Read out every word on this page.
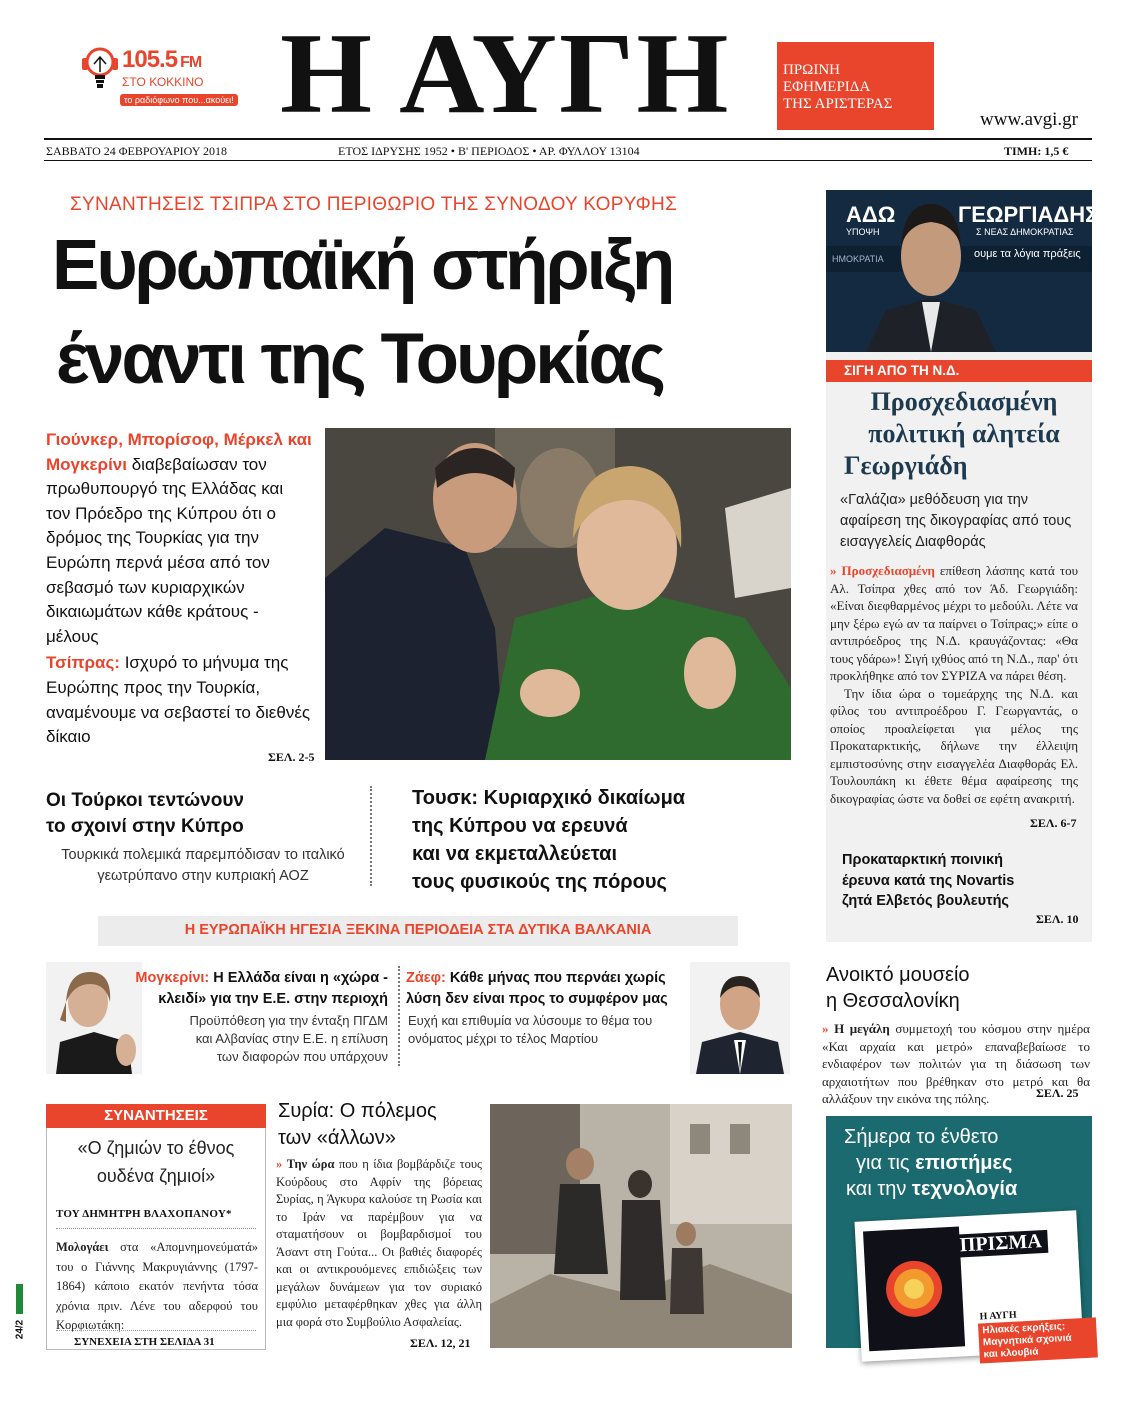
105.5 FM
ΣΤΟ ΚΟΚΚΙΝΟ
το ραδιόφωνο που...ακούει! Η ΑΥΓΗ	ΠΡΩΙΝΗ
ΕΦΗΜΕΡΙΔΑ
ΤΗΣ ΑΡΙΣΤΕΡΑΣ
www.avgi.gr
ΣΑΒΒΑΤΟ 24 ΦΕΒΡΟΥΑΡΙΟΥ 2018	ΕΤΟΣ ΙΔΡΥΣΗΣ 1952 • Β' ΠΕΡΙΟΔΟΣ • ΑΡ. ΦΥΛΛΟΥ 13104	ΤΙΜΗ: 1,5 €
ΣΥΝΑΝΤΗΣΕΙΣ ΤΣΙΠΡΑ ΣΤΟ ΠΕΡΙΘΩΡΙΟ ΤΗΣ ΣΥΝΟΔΟΥ ΚΟΡΥΦΗΣ
Ευρωπαϊκή στήριξη
έναντι της Τουρκίας
Γιούνκερ, Μπορίσοφ, Μέρκελ και Μογκερίνι διαβεβαίωσαν τον πρωθυπουργό της Ελλάδας και τον Πρόεδρο της Κύπρου ότι ο δρόμος της Τουρκίας για την Ευρώπη περνά μέσα από τον σεβασμό των κυριαρχικών δικαιωμάτων κάθε κράτους - μέλους
Τσίπρας: Ισχυρό το μήνυμα της Ευρώπης προς την Τουρκία, αναμένουμε να σεβαστεί το διεθνές δίκαιο
ΣΕΛ. 2-5
Οι Τούρκοι τεντώνουν
το σχοινί στην Κύπρο
Τουρκικά πολεμικά παρεμπόδισαν το ιταλικό γεωτρύπανο στην κυπριακή ΑΟΖ
Τουσκ: Κυριαρχικό δικαίωμα
της Κύπρου να ερευνά
και να εκμεταλλεύεται
τους φυσικούς της πόρους
Η ΕΥΡΩΠΑΪΚΗ ΗΓΕΣΙΑ ΞΕΚΙΝΑ ΠΕΡΙΟΔΕΙΑ ΣΤΑ ΔΥΤΙΚΑ ΒΑΛΚΑΝΙΑ
Μογκερίνι: Η Ελλάδα είναι η «χώρα -
κλειδί» για την Ε.Ε. στην περιοχή
Προϋπόθεση για την ένταξη ΠΓΔΜ και Αλβανίας στην Ε.Ε. η επίλυση των διαφορών που υπάρχουν
Ζάεφ: Κάθε μήνας που περνάει χωρίς
λύση δεν είναι προς το συμφέρον μας
Ευχή και επιθυμία να λύσουμε το θέμα του ονόματος μέχρι το τέλος Μαρτίου
ΑΔΩ	ΓΕΩΡΓΙΑΔΗΣ
ΥΠΟΨΗ	Σ ΝΕΑΣ ΔΗΜΟΚΡΑΤΙΑΣ
ΗΜΟΚΡΑΤΙΑ	ουμε τα λόγια πράξεις
ΣΙΓΗ ΑΠΟ ΤΗ Ν.Δ.
Προσχεδιασμένη
πολιτική αλητεία
Γεωργιάδη
«Γαλάζια» μεθόδευση για την αφαίρεση της δικογραφίας από τους εισαγγελείς Διαφθοράς

» Προσχεδιασμένη επίθεση λάσπης κατά του Αλ. Τσίπρα χθες από τον Άδ. Γεωργιάδη: «Είναι διεφθαρμένος μέχρι το μεδούλι. Λέτε να μην ξέρω εγώ αν τα παίρνει ο Τσίπρας;» είπε ο αντιπρόεδρος της Ν.Δ. κραυγάζοντας: «Θα τους γδάρω»! Σιγή ιχθύος από τη Ν.Δ., παρ' ότι προκλήθηκε από τον ΣΥΡΙΖΑ να πάρει θέση.

Την ίδια ώρα ο τομεάρχης της Ν.Δ. και φίλος του αντιπροέδρου Γ. Γεωργαντάς, ο οποίος προαλείφεται για μέλος της Προκαταρκτικής, δήλωνε την έλλειψη εμπιστοσύνης στην εισαγγελέα Διαφθοράς Ελ. Τουλουπάκη κι έθετε θέμα αφαίρεσης της δικογραφίας ώστε να δοθεί σε εφέτη ανακριτή.

ΣΕΛ. 6-7
Προκαταρκτική ποινική
έρευνα κατά της Novartis
ζητά Ελβετός βουλευτής
ΣΕΛ. 10
Ανοικτό μουσείο
η Θεσσαλονίκη
» Η μεγάλη συμμετοχή του κόσμου στην ημέρα «Και αρχαία και μετρό» επαναβεβαίωσε το ενδιαφέρον των πολιτών για τη διάσωση των αρχαιοτήτων που βρέθηκαν στο μετρό και θα αλλάξουν την εικόνα της πόλης.	ΣΕΛ. 25
ΣΥΝΑΝΤΗΣΕΙΣ
«Ο ζημιών το έθνος
ουδένα ζημιοί»
ΤΟΥ ΔΗΜΗΤΡΗ ΒΛΑΧΟΠΑΝΟΥ*
Μολογάει στα «Απομνημονεύματά» του ο Γιάννης Μακρυγιάννης (1797- 1864) κάποιο εκατόν πενήντα τόσα χρόνια πριν. Λένε του αδερφού του Κορφιωτάκη:
ΣΥΝΕΧΕΙΑ ΣΤΗ ΣΕΛΙΔΑ 31
Συρία: Ο πόλεμος
των «άλλων»
» Την ώρα που η ίδια βομβάρδιζε τους Κούρδους στο Αφρίν της βόρειας Συρίας, η Άγκυρα καλούσε τη Ρωσία και το Ιράν να παρέμβουν για να σταματήσουν οι βομβαρδισμοί του Άσαντ στη Γούτα... Οι βαθιές διαφορές και οι αντικρουόμενες επιδιώξεις των μεγάλων δυνάμεων για τον συριακό εμφύλιο μεταφέρθηκαν χθες για άλλη μια φορά στο Συμβούλιο Ασφαλείας.
ΣΕΛ. 12, 21
Σήμερα το ένθετο
για τις επιστήμες
και την τεχνολογία
ΠΡΙΣΜΑ
Η ΑΥΓΗ
Ηλιακές εκρήξεις:
Μαγνητικά σχοινιά
και κλουβιά
24/2
